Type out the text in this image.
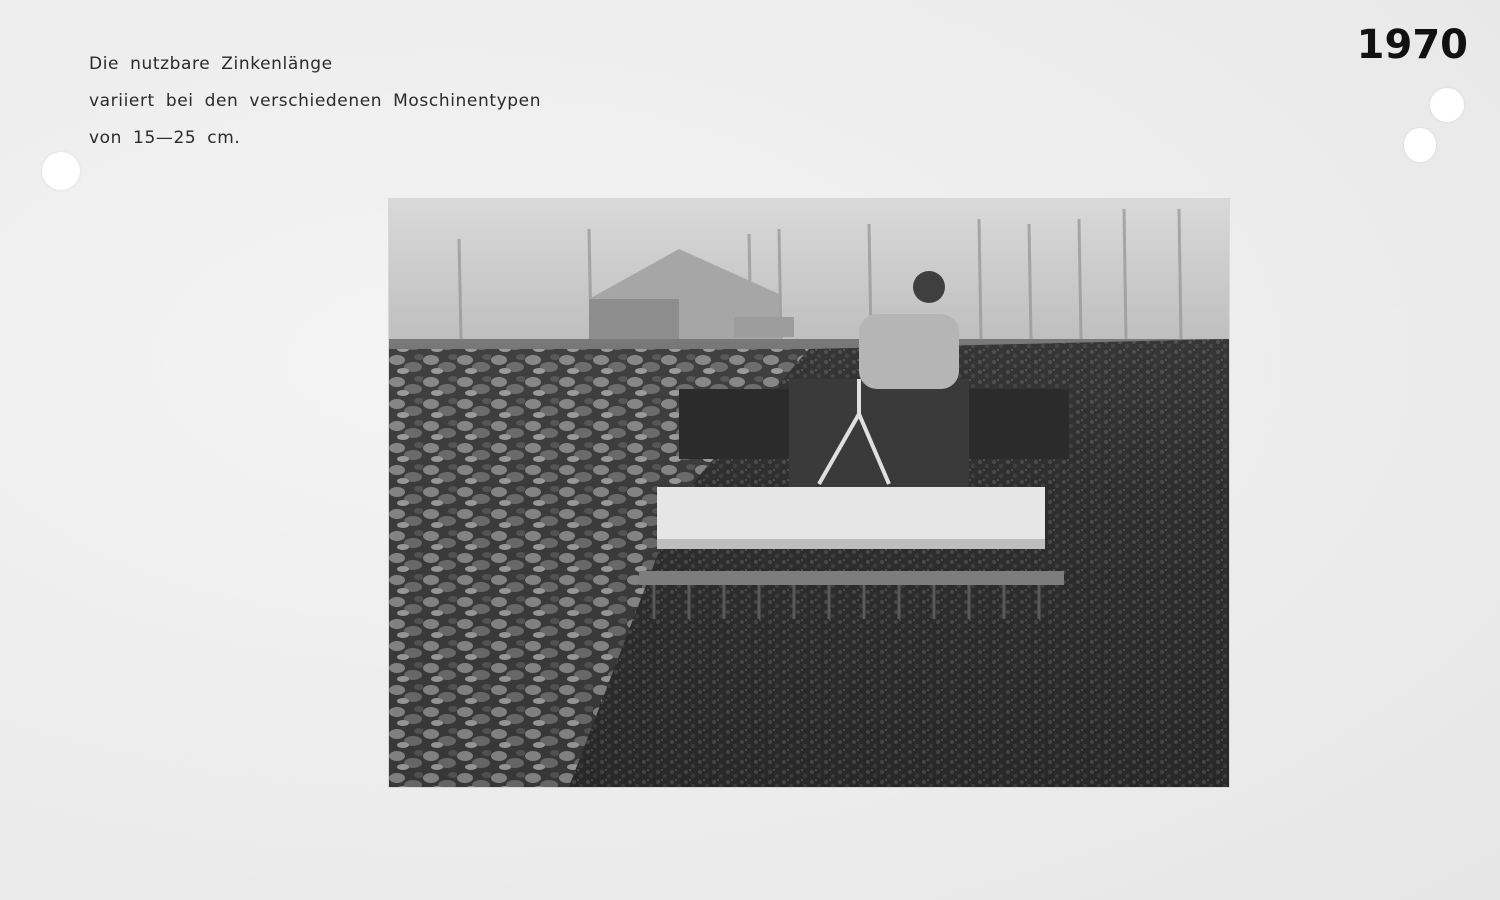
Die nutzbare Zinkenlänge
variiert bei den verschiedenen Moschinentypen
von 15—25 cm.
1970
